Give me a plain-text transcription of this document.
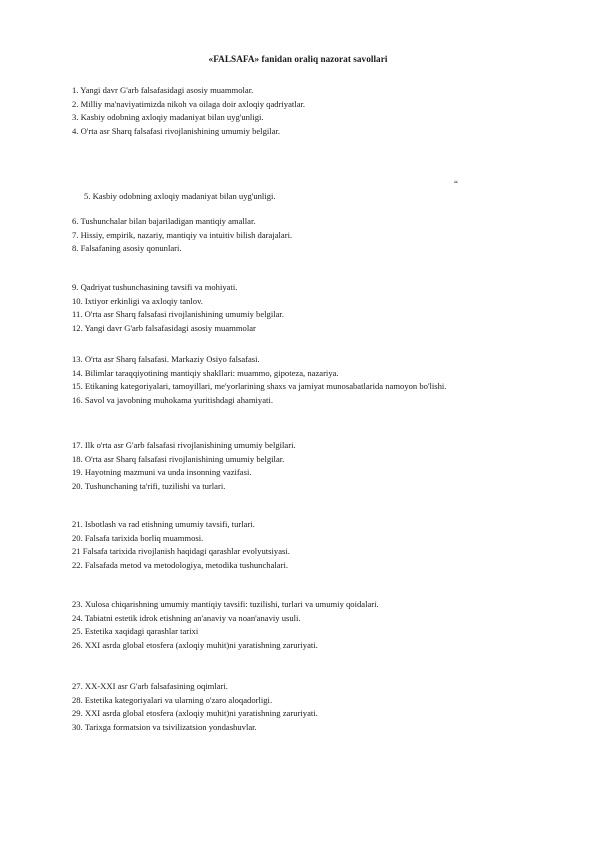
«FALSAFA» fanidan oraliq nazorat savollari
1. Yangi davr G'arb falsafasidagi asosiy muammolar.
2. Milliy ma'naviyatimizda nikoh va oilaga doir axloqiy qadriyatlar.
3. Kasbiy odobning axloqiy madaniyat bilan uyg'unligi.
4. O'rta asr Sharq falsafasi rivojlanishining umumiy belgilar.
“
5. Kasbiy odobning axloqiy madaniyat bilan uyg'unligi.
6. Tushunchalar bilan bajariladigan mantiqiy amallar.
7. Hissiy, empirik, nazariy, mantiqiy va intuitiv bilish darajalari.
8. Falsafaning asosiy qonunlari.
9. Qadriyat tushunchasining tavsifi va mohiyati.
10. Ixtiyor erkinligi va axloqiy tanlov.
11. O'rta asr Sharq falsafasi rivojlanishining umumiy belgilar.
12. Yangi davr G'arb falsafasidagi asosiy muammolar
13. O'rta asr Sharq falsafasi. Markaziy Osiyo falsafasi.
14. Bilimlar taraqqiyotining mantiqiy shakllari: muammo, gipoteza, nazariya.
15. Etikaning kategoriyalari, tamoyillari, me'yorlarining shaxs va jamiyat munosabatlarida namoyon bo'lishi.
16. Savol va javobning muhokama yuritishdagi ahamiyati.
17. Ilk o'rta asr G'arb falsafasi rivojlanishining umumiy belgilari.
18. O'rta asr Sharq falsafasi rivojlanishining umumiy belgilar.
19. Hayotning mazmuni va unda insonning vazifasi.
20. Tushunchaning ta'rifi, tuzilishi va turlari.
21. Isbotlash va rad etishning umumiy tavsifi, turlari.
20. Falsafa tarixida borliq muammosi.
21 Falsafa tarixida rivojlanish haqidagi qarashlar evolyutsiyasi.
22. Falsafada metod va metodologiya, metodika tushunchalari.
23. Xulosa chiqarishning umumiy mantiqiy tavsifi: tuzilishi, turlari va umumiy qoidalari.
24. Tabiatni estetik idrok etishning an'anaviy va noan'anaviy usuli.
25. Estetika xaqidagi qarashlar tarixi
26. XXI asrda global etosfera (axloqiy muhit)ni yaratishning zaruriyati.
27. XX-XXI asr G'arb falsafasining oqimlari.
28. Estetika kategoriyalari va ularning o'zaro aloqadorligi.
29. XXI asrda global etosfera (axloqiy muhit)ni yaratishning zaruriyati.
30. Tarixga formatsion va tsivilizatsion yondashuvlar.
